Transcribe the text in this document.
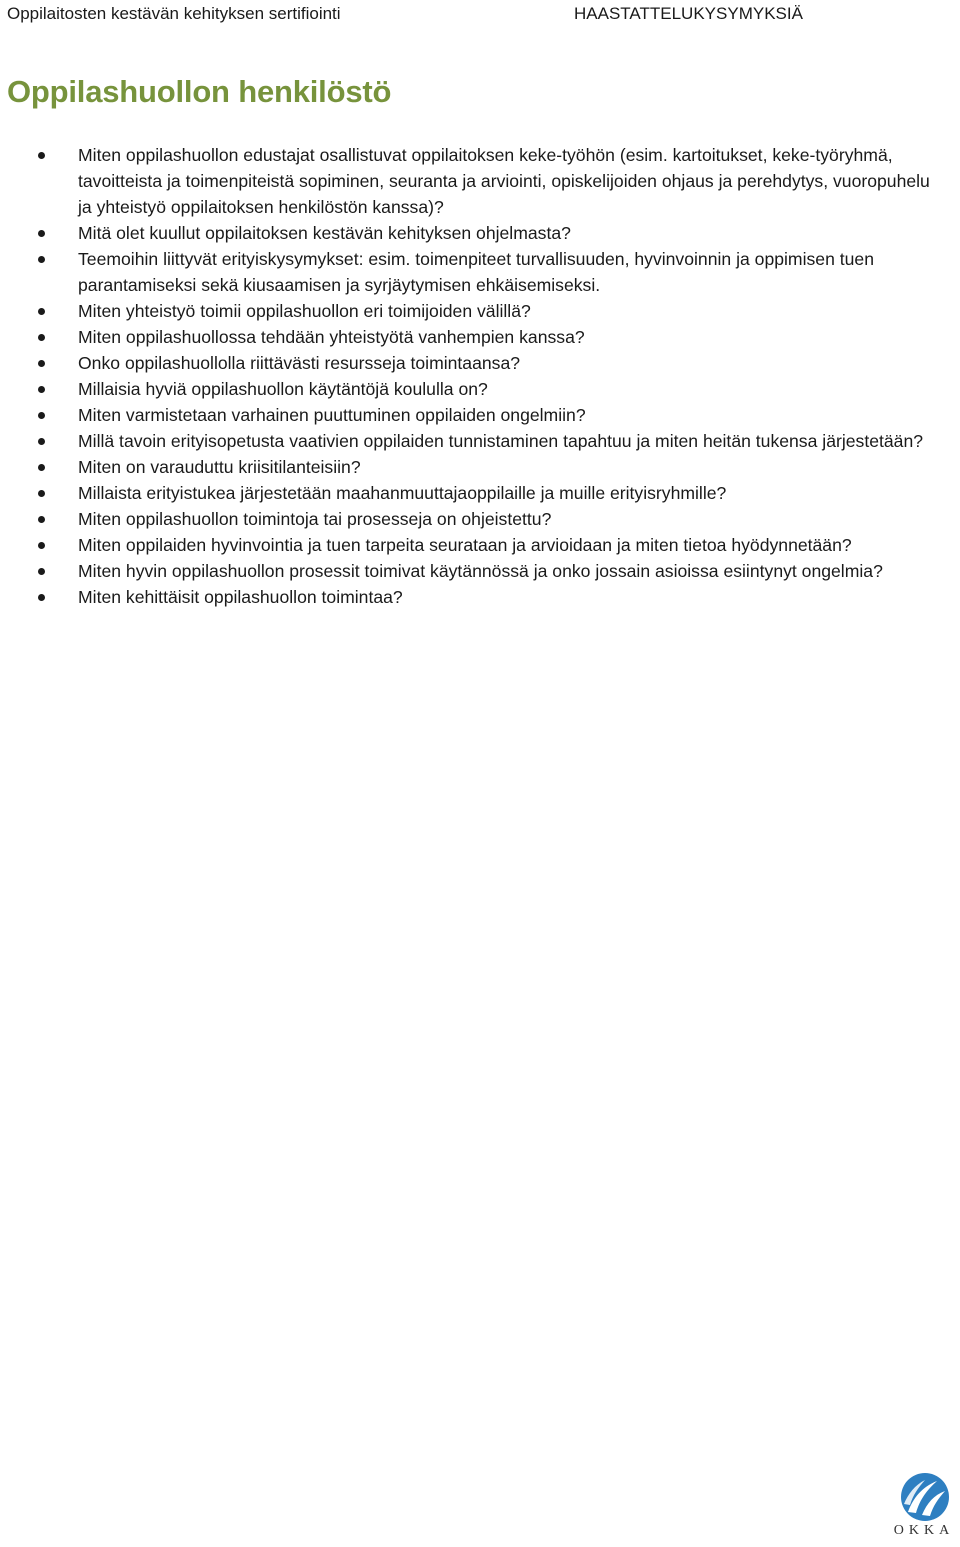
Oppilaitosten kestävän kehityksen sertifiointi	HAASTATTELUKYSYMYKSIÄ
Oppilashuollon henkilöstö
Miten oppilashuollon edustajat osallistuvat oppilaitoksen keke-työhön (esim. kartoitukset, keke-työryhmä, tavoitteista ja toimenpiteistä sopiminen, seuranta ja arviointi, opiskelijoiden ohjaus ja perehdytys, vuoropuhelu ja yhteistyö oppilaitoksen henkilöstön kanssa)?
Mitä olet kuullut oppilaitoksen kestävän kehityksen ohjelmasta?
Teemoihin liittyvät erityiskysymykset: esim. toimenpiteet turvallisuuden, hyvinvoinnin ja oppimisen tuen parantamiseksi sekä kiusaamisen ja syrjäytymisen ehkäisemiseksi.
Miten yhteistyö toimii oppilashuollon eri toimijoiden välillä?
Miten oppilashuollossa tehdään yhteistyötä vanhempien kanssa?
Onko oppilashuollolla riittävästi resursseja toimintaansa?
Millaisia hyviä oppilashuollon käytäntöjä koululla on?
Miten varmistetaan varhainen puuttuminen oppilaiden ongelmiin?
Millä tavoin erityisopetusta vaativien oppilaiden tunnistaminen tapahtuu ja miten heitän tukensa järjestetään?
Miten on varauduttu kriisitilanteisiin?
Millaista erityistukea järjestetään maahanmuuttajaoppilaille ja muille erityisryhmille?
Miten oppilashuollon toimintoja tai prosesseja on ohjeistettu?
Miten oppilaiden hyvinvointia ja tuen tarpeita seurataan ja arvioidaan ja miten tietoa hyödynnetään?
Miten hyvin oppilashuollon prosessit toimivat käytännössä ja onko jossain asioissa esiintynyt ongelmia?
Miten kehittäisit oppilashuollon toimintaa?
OKKA
